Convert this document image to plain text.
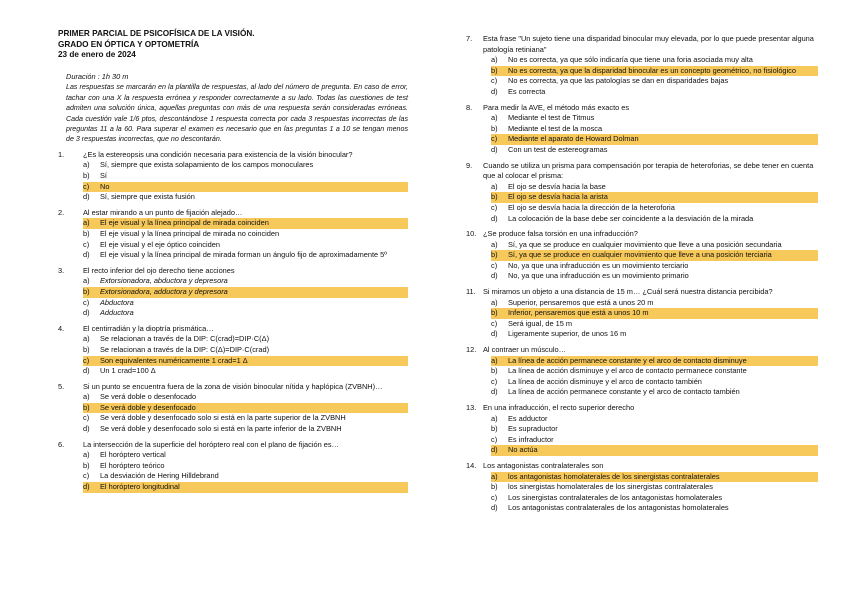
PRIMER PARCIAL DE PSICOFÍSICA DE LA VISIÓN.
GRADO EN ÓPTICA Y OPTOMETRÍA
23 de enero de 2024
Duración : 1h 30 m
Las respuestas se marcarán en la plantilla de respuestas, al lado del número de pregunta. En caso de error, tachar con una X la respuesta errónea y responder correctamente a su lado. Todas las cuestiones de test admiten una solución única, aquellas preguntas con más de una respuesta serán consideradas erróneas. Cada cuestión vale 1/6 ptos, descontándose 1 respuesta correcta por cada 3 respuestas incorrectas de las preguntas 11 a la 60. Para superar el examen es necesario que en las preguntas 1 a 10 se tengan menos de 3 respuestas incorrectas, que no descontarán.
1.	¿Es la estereopsis una condición necesaria para existencia de la visión binocular?
a)	Sí, siempre que exista solapamiento de los campos monoculares
b)	Sí
c)	No
d)	Sí, siempre que exista fusión
2.	Al estar mirando a un punto de fijación alejado…
a)	El eje visual y la línea principal de mirada coinciden
b)	El eje visual y la línea principal de mirada no coinciden
c)	El eje visual y el eje óptico coinciden
d)	El eje visual y la línea principal de mirada forman un ángulo fijo de aproximadamente 5º
3.	El recto inferior del ojo derecho tiene acciones
a)	Extorsionadora, abductora y depresora
b)	Extorsionadora, adductora y depresora
c)	Abductora
d)	Adductora
4.	El centirradián y la dioptría prismática…
a)	Se relacionan a través de la DIP: C(crad)=DIP·C(Δ)
b)	Se relacionan a través de la DIP: C(Δ)=DIP·C(crad)
c)	Son equivalentes numéricamente 1 crad=1 Δ
d)	Un 1 crad=100 Δ
5.	Si un punto se encuentra fuera de la zona de visión binocular nítida y haplópica (ZVBNH)…
a)	Se verá doble o desenfocado
b)	Se verá doble y desenfocado
c)	Se verá doble y desenfocado solo si está en la parte superior de la ZVBNH
d)	Se verá doble y desenfocado solo si está en la parte inferior de la ZVBNH
6.	La intersección de la superficie del horóptero real con el plano de fijación es…
a)	El horóptero vertical
b)	El horóptero teórico
c)	La desviación de Hering Hilldebrand
d)	El horóptero longitudinal
7.	Esta frase "Un sujeto tiene una disparidad binocular muy elevada, por lo que puede presentar alguna patología retiniana"
a)	No es correcta, ya que sólo indicaría que tiene una foria asociada muy alta
b)	No es correcta, ya que la disparidad binocular es un concepto geométrico, no fisiológico
c)	No es correcta, ya que las patologías se dan en disparidades bajas
d)	Es correcta
8.	Para medir la AVE, el método más exacto es
a)	Mediante el test de Titmus
b)	Mediante el test de la mosca
c)	Mediante el aparato de Howard Dolman
d)	Con un test de estereogramas
9.	Cuando se utiliza un prisma para compensación por terapia de heteroforias, se debe tener en cuenta que al colocar el prisma:
a)	El ojo se desvía hacia la base
b)	El ojo se desvía hacia la arista
c)	El ojo se desvía hacia la dirección de la heteroforia
d)	La colocación de la base debe ser coincidente a la desviación de la mirada
10. ¿Se produce falsa torsión en una infraducción?
a)	Sí, ya que se produce en cualquier movimiento que lleve a una posición secundaria
b)	Sí, ya que se produce en cualquier movimiento que lleve a una posición terciaria
c)	No, ya que una infraducción es un movimiento terciario
d)	No, ya que una infraducción es un movimiento primario
11. Si miramos un objeto a una distancia de 15 m… ¿Cuál será nuestra distancia percibida?
a)	Superior, pensaremos que está a unos 20 m
b)	Inferior, pensaremos que está a unos 10 m
c)	Será igual, de 15 m
d)	Ligeramente superior, de unos 16 m
12. Al contraer un músculo…
a)	La línea de acción permanece constante y el arco de contacto disminuye
b)	La línea de acción disminuye y el arco de contacto permanece constante
c)	La línea de acción disminuye y el arco de contacto también
d)	La línea de acción permanece constante y el arco de contacto también
13. En una infraducción, el recto superior derecho
a)	Es adductor
b)	Es supraductor
c)	Es infraductor
d)	No actúa
14. Los antagonistas contralaterales son
a)	los antagonistas homolaterales de los sinergistas contralaterales
b)	los sinergistas homolaterales de los sinergistas contralaterales
c)	Los sinergistas contralaterales de los antagonistas homolaterales
d)	Los antagonistas contralaterales de los antagonistas homolaterales
